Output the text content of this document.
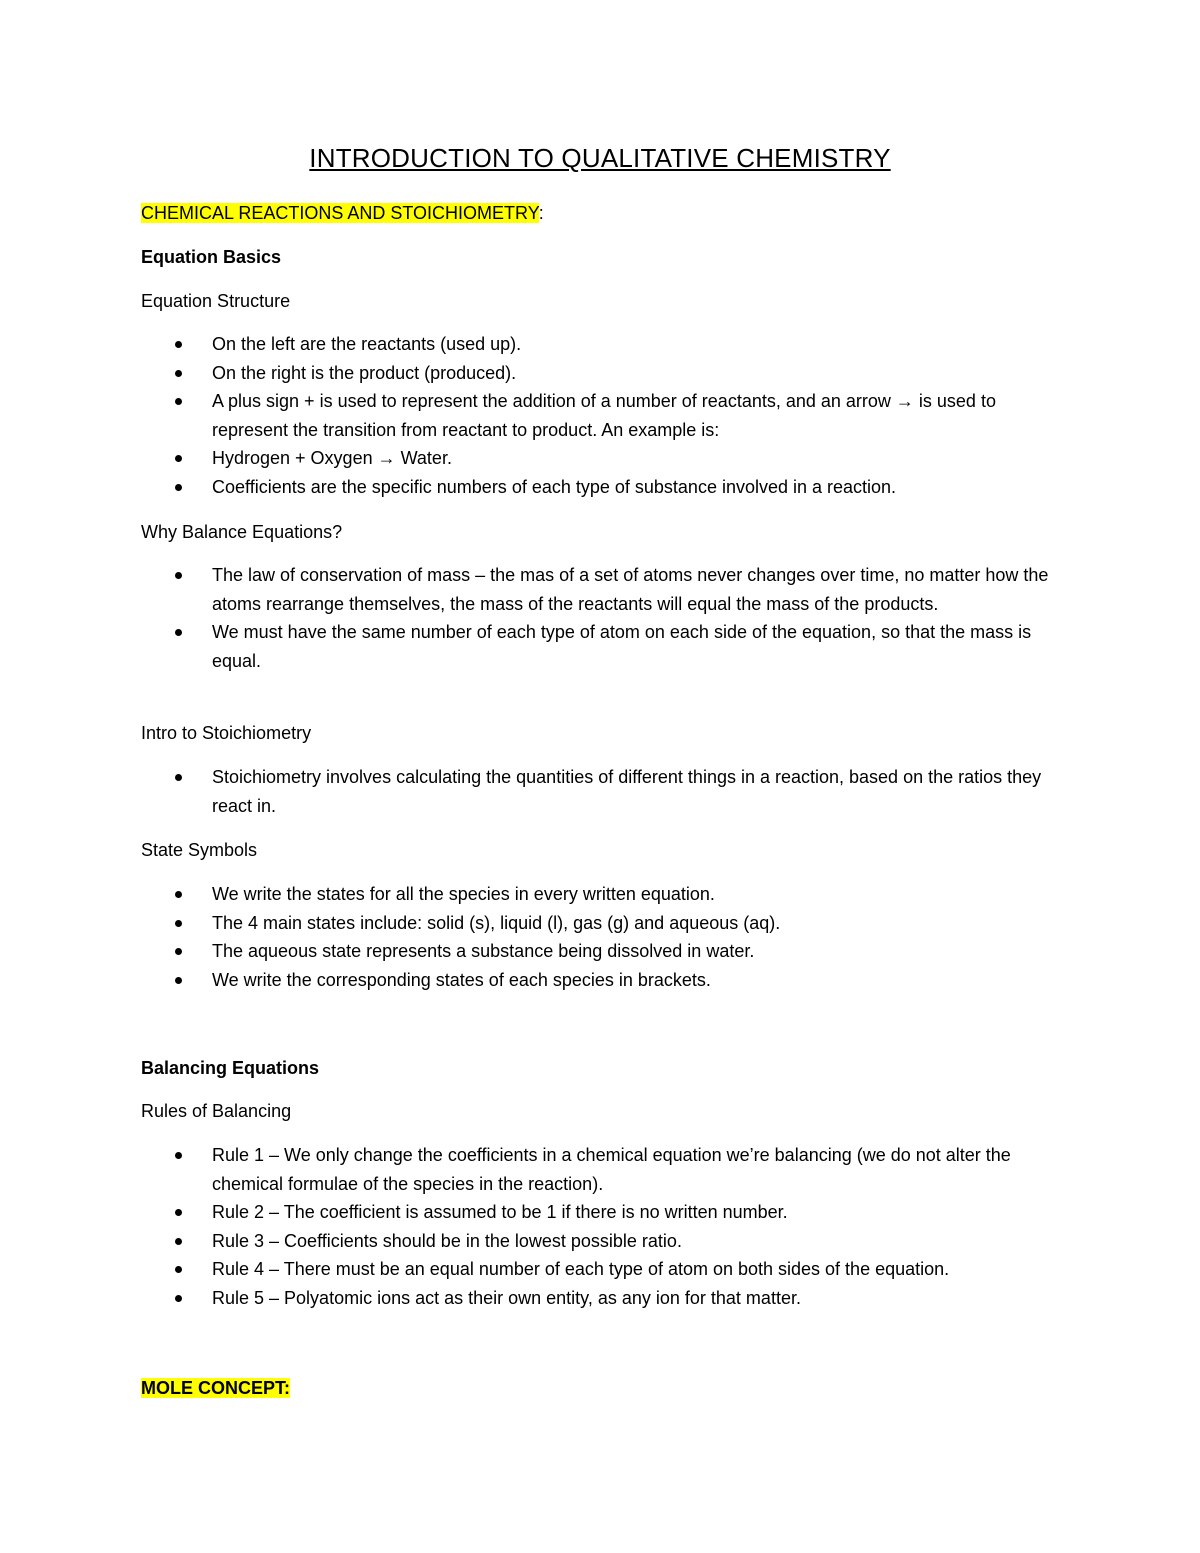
INTRODUCTION TO QUALITATIVE CHEMISTRY
CHEMICAL REACTIONS AND STOICHIOMETRY:
Equation Basics
Equation Structure
On the left are the reactants (used up).
On the right is the product (produced).
A plus sign + is used to represent the addition of a number of reactants, and an arrow → is used to represent the transition from reactant to product. An example is:
Hydrogen + Oxygen → Water.
Coefficients are the specific numbers of each type of substance involved in a reaction.
Why Balance Equations?
The law of conservation of mass – the mas of a set of atoms never changes over time, no matter how the atoms rearrange themselves, the mass of the reactants will equal the mass of the products.
We must have the same number of each type of atom on each side of the equation, so that the mass is equal.
Intro to Stoichiometry
Stoichiometry involves calculating the quantities of different things in a reaction, based on the ratios they react in.
State Symbols
We write the states for all the species in every written equation.
The 4 main states include: solid (s), liquid (l), gas (g) and aqueous (aq).
The aqueous state represents a substance being dissolved in water.
We write the corresponding states of each species in brackets.
Balancing Equations
Rules of Balancing
Rule 1 – We only change the coefficients in a chemical equation we’re balancing (we do not alter the chemical formulae of the species in the reaction).
Rule 2 – The coefficient is assumed to be 1 if there is no written number.
Rule 3 – Coefficients should be in the lowest possible ratio.
Rule 4 – There must be an equal number of each type of atom on both sides of the equation.
Rule 5 – Polyatomic ions act as their own entity, as any ion for that matter.
MOLE CONCEPT:
